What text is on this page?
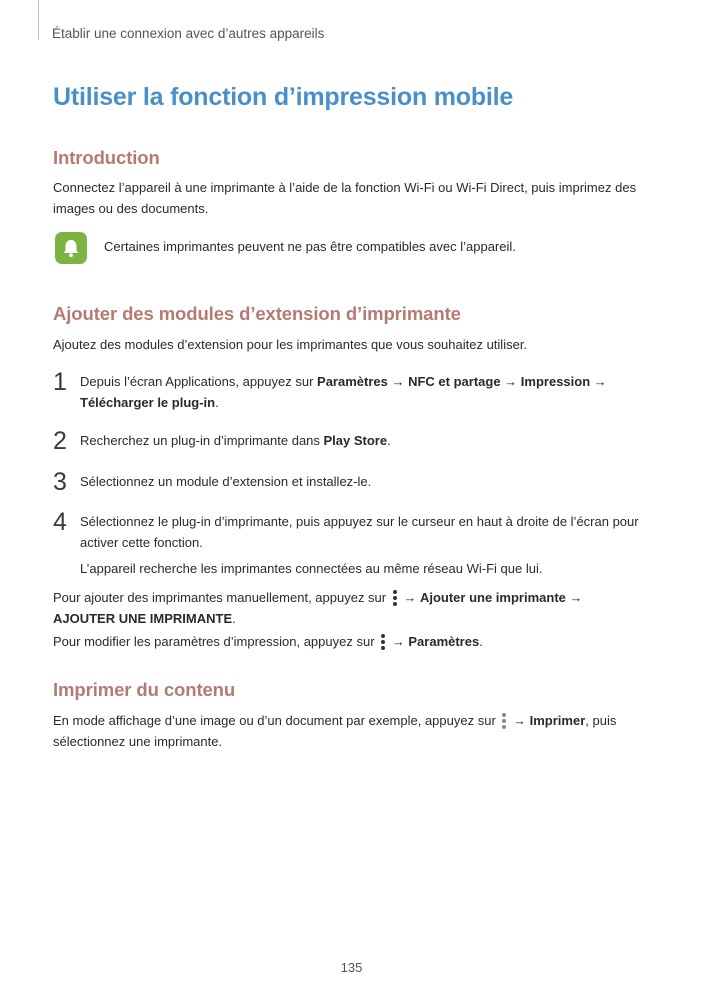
Établir une connexion avec d’autres appareils
Utiliser la fonction d’impression mobile
Introduction
Connectez l’appareil à une imprimante à l’aide de la fonction Wi-Fi ou Wi-Fi Direct, puis imprimez des images ou des documents.
Certaines imprimantes peuvent ne pas être compatibles avec l’appareil.
Ajouter des modules d’extension d’imprimante
Ajoutez des modules d’extension pour les imprimantes que vous souhaitez utiliser.
1 Depuis l’écran Applications, appuyez sur Paramètres → NFC et partage → Impression → Télécharger le plug-in.
2 Recherchez un plug-in d’imprimante dans Play Store.
3 Sélectionnez un module d’extension et installez-le.
4 Sélectionnez le plug-in d’imprimante, puis appuyez sur le curseur en haut à droite de l’écran pour activer cette fonction.
L’appareil recherche les imprimantes connectées au même réseau Wi-Fi que lui.
Pour ajouter des imprimantes manuellement, appuyez sur
→ Ajouter une imprimante →
AJOUTER UNE IMPRIMANTE.
Pour modifier les paramètres d’impression, appuyez sur
→ Paramètres.
Imprimer du contenu
En mode affichage d’une image ou d’un document par exemple, appuyez sur
→ Imprimer, puis sélectionnez une imprimante.
135
